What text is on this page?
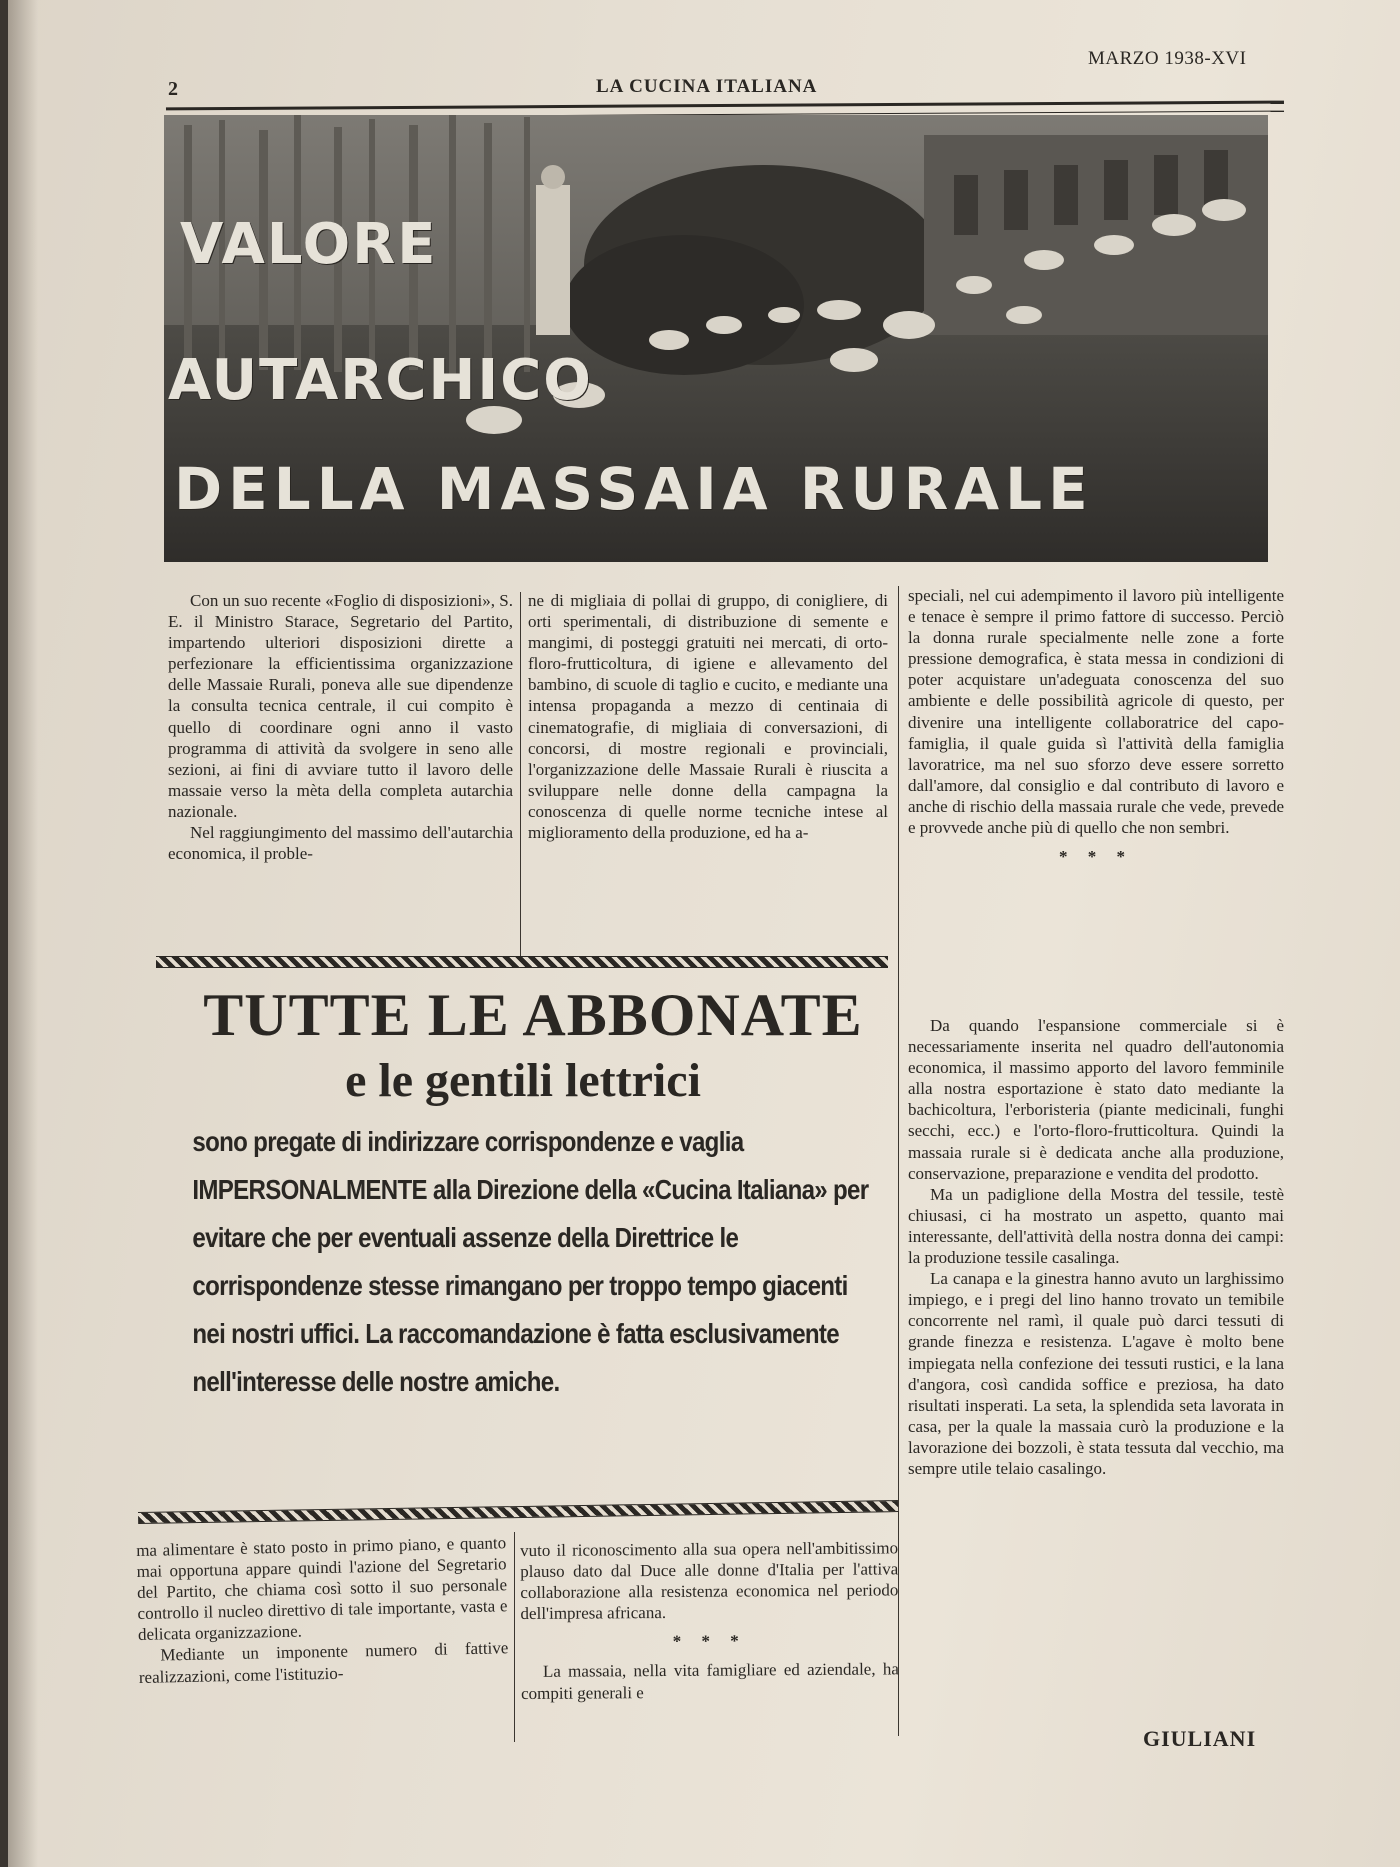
MARZO 1938-XVI
2	LA CUCINA ITALIANA
VALORE
AUTARCHICO
DELLA MASSAIA RURALE

Con un suo recente «Foglio di disposizioni», S. E. il Ministro Starace, Segretario del Partito, impartendo ulteriori disposizioni dirette a perfezionare la efficientissima organizzazione delle Massaie Rurali, poneva alle sue dipendenze la consulta tecnica centrale, il cui compito è quello di coordinare ogni anno il vasto programma di attività da svolgere in seno alle sezioni, ai fini di avviare tutto il lavoro delle massaie verso la mèta della completa autarchia nazionale.

Nel raggiungimento del massimo dell'autarchia economica, il proble-

ne di migliaia di pollai di gruppo, di conigliere, di orti sperimentali, di distribuzione di semente e mangimi, di posteggi gratuiti nei mercati, di orto-floro-frutticoltura, di igiene e allevamento del bambino, di scuole di taglio e cucito, e mediante una intensa propaganda a mezzo di centinaia di cinematografie, di migliaia di conversazioni, di concorsi, di mostre regionali e provinciali, l'organizzazione delle Massaie Rurali è riuscita a sviluppare nelle donne della campagna la conoscenza di quelle norme tecniche intese al miglioramento della produzione, ed ha a-

speciali, nel cui adempimento il lavoro più intelligente e tenace è sempre il primo fattore di successo. Perciò la donna rurale specialmente nelle zone a forte pressione demografica, è stata messa in condizioni di poter acquistare un'adeguata conoscenza del suo ambiente e delle possibilità agricole di questo, per divenire una intelligente collaboratrice del capo-famiglia, il quale guida sì l'attività della famiglia lavoratrice, ma nel suo sforzo deve essere sorretto dall'amore, dal consiglio e dal contributo di lavoro e anche di rischio della massaia rurale che vede, prevede e provvede anche più di quello che non sembri.

* * *

Da quando l'espansione commerciale si è necessariamente inserita nel quadro dell'autonomia economica, il massimo apporto del lavoro femminile alla nostra esportazione è stato dato mediante la bachicoltura, l'erboristeria (piante medicinali, funghi secchi, ecc.) e l'orto-floro-frutticoltura. Quindi la massaia rurale si è dedicata anche alla produzione, conservazione, preparazione e vendita del prodotto.

Ma un padiglione della Mostra del tessile, testè chiusasi, ci ha mostrato un aspetto, quanto mai interessante, dell'attività della nostra donna dei campi: la produzione tessile casalinga.

La canapa e la ginestra hanno avuto un larghissimo impiego, e i pregi del lino hanno trovato un temibile concorrente nel ramì, il quale può darci tessuti di grande finezza e resistenza. L'agave è molto bene impiegata nella confezione dei tessuti rustici, e la lana d'angora, così candida soffice e preziosa, ha dato risultati insperati. La seta, la splendida seta lavorata in casa, per la quale la massaia curò la produzione e la lavorazione dei bozzoli, è stata tessuta dal vecchio, ma sempre utile telaio casalingo.

TUTTE LE ABBONATE
e le gentili lettrici
sono pregate di indirizzare corrispondenze e vaglia IMPERSONALMENTE alla Direzione della «Cucina Italiana» per evitare che per eventuali assenze della Direttrice le corrispondenze stesse rimangano per troppo tempo giacenti nei nostri uffici. La raccomandazione è fatta esclusivamente nell'interesse delle nostre amiche.

ma alimentare è stato posto in primo piano, e quanto mai opportuna appare quindi l'azione del Segretario del Partito, che chiama così sotto il suo personale controllo il nucleo direttivo di tale importante, vasta e delicata organizzazione.

Mediante un imponente numero di fattive realizzazioni, come l'istituzio-

vuto il riconoscimento alla sua opera nell'ambitissimo plauso dato dal Duce alle donne d'Italia per l'attiva collaborazione alla resistenza economica nel periodo dell'impresa africana.

* * *

La massaia, nella vita famigliare ed aziendale, ha compiti generali e

GIULIANI
